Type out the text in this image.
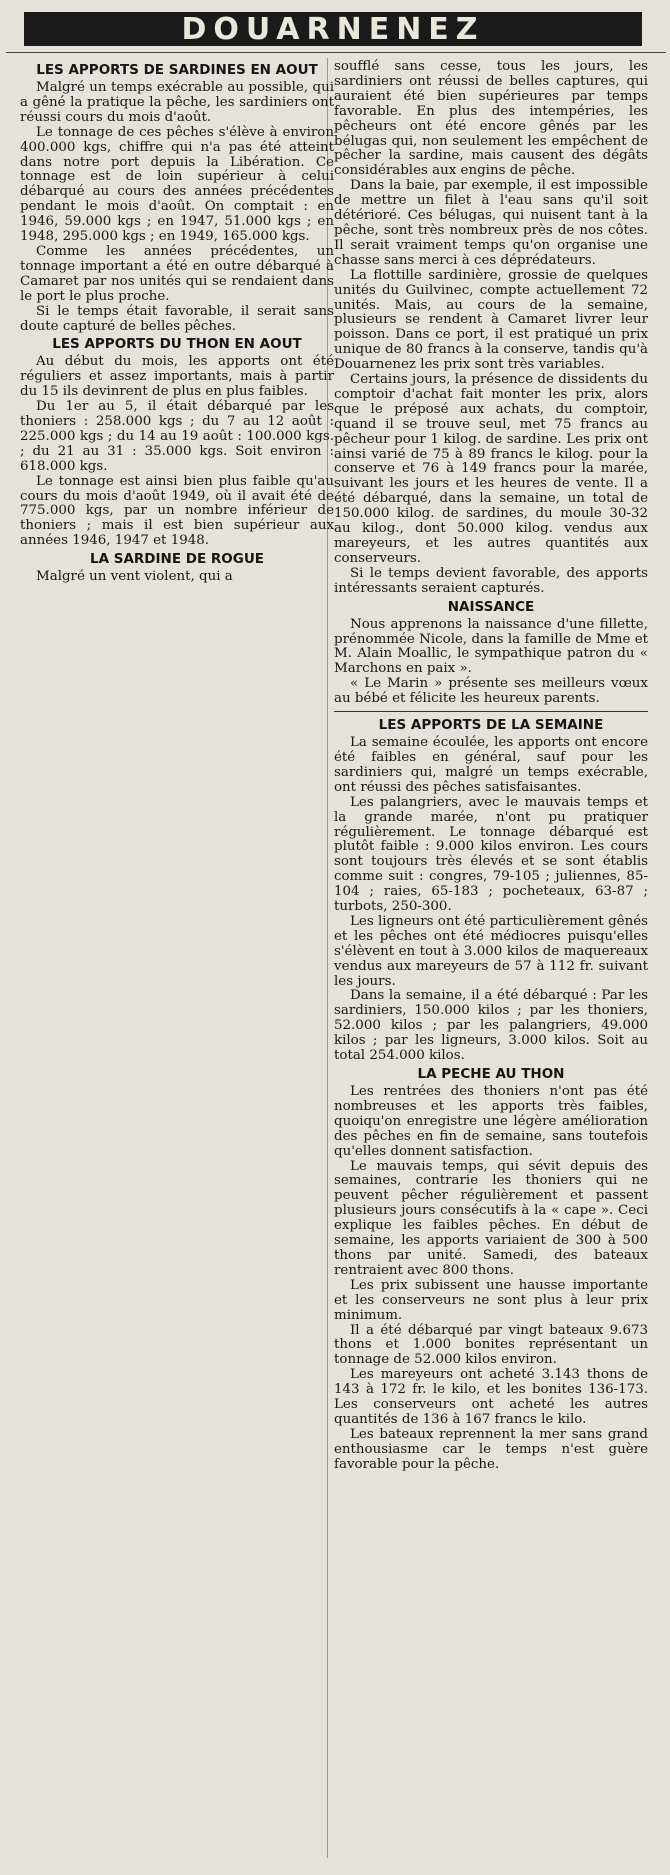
DOUARNENEZ
LES APPORTS DE SARDINES EN AOUT

Malgré un temps exécrable au possible, qui a gêné la pratique la pêche, les sardiniers ont réussi cours du mois d'août.

Le tonnage de ces pêches s'élève à environ 400.000 kgs, chiffre qui n'a pas été atteint dans notre port depuis la Libération. Ce tonnage est de loin supérieur à celui débarqué au cours des années précédentes pendant le mois d'août. On comptait : en 1946, 59.000 kgs ; en 1947, 51.000 kgs ; en 1948, 295.000 kgs ; en 1949, 165.000 kgs.

Comme les années précédentes, un tonnage important a été en outre débarqué à Camaret par nos unités qui se rendaient dans le port le plus proche.

Si le temps était favorable, il serait sans doute capturé de belles pêches.

LES APPORTS DU THON EN AOUT

Au début du mois, les apports ont été réguliers et assez importants, mais à partir du 15 ils devinrent de plus en plus faibles.

Du 1er au 5, il était débarqué par les thoniers : 258.000 kgs ; du 7 au 12 août : 225.000 kgs ; du 14 au 19 août : 100.000 kgs. ; du 21 au 31 : 35.000 kgs. Soit environ : 618.000 kgs.

Le tonnage est ainsi bien plus faible qu'au cours du mois d'août 1949, où il avait été de 775.000 kgs, par un nombre inférieur de thoniers ; mais il est bien supérieur aux années 1946, 1947 et 1948.

LA SARDINE DE ROGUE

Malgré un vent violent, qui a

soufflé sans cesse, tous les jours, les sardiniers ont réussi de belles captures, qui auraient été bien supérieures par temps favorable. En plus des intempéries, les pêcheurs ont été encore gênés par les bélugas qui, non seulement les empêchent de pêcher la sardine, mais causent des dégâts considérables aux engins de pêche.

Dans la baie, par exemple, il est impossible de mettre un filet à l'eau sans qu'il soit détérioré. Ces bélugas, qui nuisent tant à la pêche, sont très nombreux près de nos côtes. Il serait vraiment temps qu'on organise une chasse sans merci à ces déprédateurs.

La flottille sardinière, grossie de quelques unités du Guilvinec, compte actuellement 72 unités. Mais, au cours de la semaine, plusieurs se rendent à Camaret livrer leur poisson. Dans ce port, il est pratiqué un prix unique de 80 francs à la conserve, tandis qu'à Douarnenez les prix sont très variables.

Certains jours, la présence de dissidents du comptoir d'achat fait monter les prix, alors que le préposé aux achats, du comptoir, quand il se trouve seul, met 75 francs au pêcheur pour 1 kilog. de sardine. Les prix ont ainsi varié de 75 à 89 francs le kilog. pour la conserve et 76 à 149 francs pour la marée, suivant les jours et les heures de vente. Il a été débarqué, dans la semaine, un total de 150.000 kilog. de sardines, du moule 30-32 au kilog., dont 50.000 kilog. vendus aux mareyeurs, et les autres quantités aux conserveurs.

Si le temps devient favorable, des apports intéressants seraient capturés.

NAISSANCE

Nous apprenons la naissance d'une fillette, prénommée Nicole, dans la famille de Mme et M. Alain Moallic, le sympathique patron du « Marchons en paix ».

« Le Marin » présente ses meilleurs vœux au bébé et félicite les heureux parents.

LES APPORTS DE LA SEMAINE

La semaine écoulée, les apports ont encore été faibles en général, sauf pour les sardiniers qui, malgré un temps exécrable, ont réussi des pêches satisfaisantes.

Les palangriers, avec le mauvais temps et la grande marée, n'ont pu pratiquer régulièrement. Le tonnage débarqué est plutôt faible : 9.000 kilos environ. Les cours sont toujours très élevés et se sont établis comme suit : congres, 79-105 ; juliennes, 85-104 ; raies, 65-183 ; pocheteaux, 63-87 ; turbots, 250-300.

Les ligneurs ont été particulièrement gênés et les pêches ont été médiocres puisqu'elles s'élèvent en tout à 3.000 kilos de maquereaux vendus aux mareyeurs de 57 à 112 fr. suivant les jours.

Dans la semaine, il a été débarqué : Par les sardiniers, 150.000 kilos ; par les thoniers, 52.000 kilos ; par les palangriers, 49.000 kilos ; par les ligneurs, 3.000 kilos. Soit au total 254.000 kilos.

LA PECHE AU THON

Les rentrées des thoniers n'ont pas été nombreuses et les apports très faibles, quoiqu'on enregistre une légère amélioration des pêches en fin de semaine, sans toutefois qu'elles donnent satisfaction.

Le mauvais temps, qui sévit depuis des semaines, contrarie les thoniers qui ne peuvent pêcher régulièrement et passent plusieurs jours consécutifs à la « cape ». Ceci explique les faibles pêches. En début de semaine, les apports variaient de 300 à 500 thons par unité. Samedi, des bateaux rentraient avec 800 thons.

Les prix subissent une hausse importante et les conserveurs ne sont plus à leur prix minimum.

Il a été débarqué par vingt bateaux 9.673 thons et 1.000 bonites représentant un tonnage de 52.000 kilos environ.

Les mareyeurs ont acheté 3.143 thons de 143 à 172 fr. le kilo, et les bonites 136-173. Les conserveurs ont acheté les autres quantités de 136 à 167 francs le kilo.

Les bateaux reprennent la mer sans grand enthousiasme car le temps n'est guère favorable pour la pêche.
